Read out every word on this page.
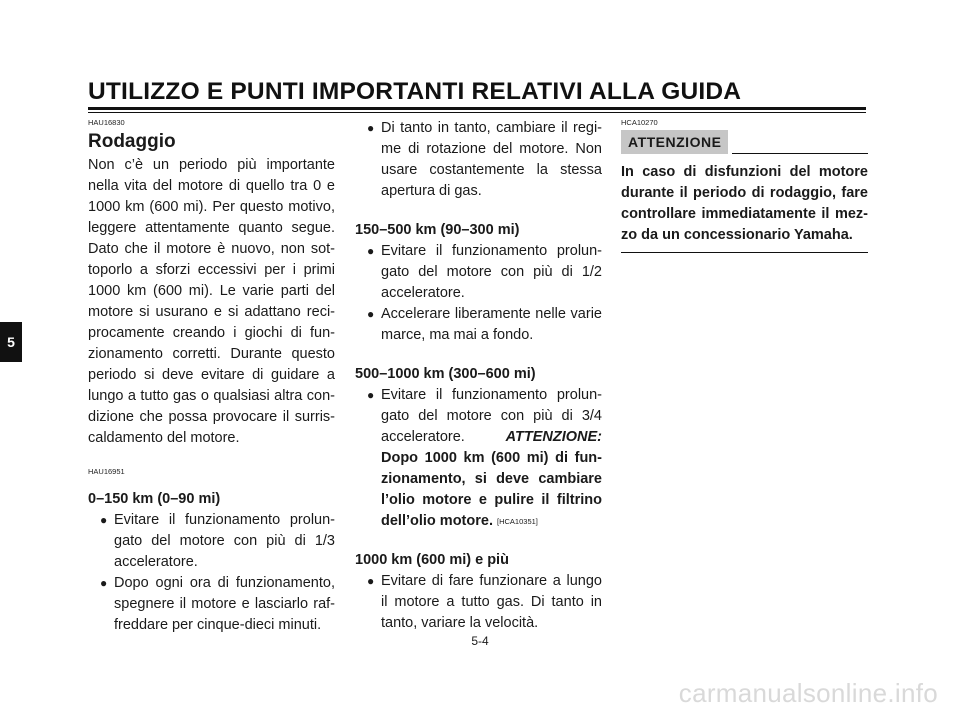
UTILIZZO E PUNTI IMPORTANTI RELATIVI ALLA GUIDA
5

HAU16830

Rodaggio

Non c’è un periodo più importante nella vita del motore di quello tra 0 e 1000 km (600 mi). Per questo motivo, leggere attentamente quanto segue. Dato che il motore è nuovo, non sot-toporlo a sforzi eccessivi per i primi 1000 km (600 mi). Le varie parti del motore si usurano e si adattano reci-procamente creando i giochi di fun-zionamento corretti. Durante questo periodo si deve evitare di guidare a lungo a tutto gas o qualsiasi altra con-dizione che possa provocare il surris-caldamento del motore.

HAU16951

0–150 km (0–90 mi)
● Evitare il funzionamento prolun-gato del motore con più di 1/3 acceleratore.
● Dopo ogni ora di funzionamento, spegnere il motore e lasciarlo raf-freddare per cinque-dieci minuti.
● Di tanto in tanto, cambiare il regi-me di rotazione del motore. Non usare costantemente la stessa apertura di gas.
150–500 km (90–300 mi)
● Evitare il funzionamento prolun-gato del motore con più di 1/2 acceleratore.
● Accelerare liberamente nelle varie marce, ma mai a fondo.
500–1000 km (300–600 mi)
● Evitare il funzionamento prolun-gato del motore con più di 3/4 acceleratore.	ATTENZIONE: Dopo 1000 km (600 mi) di fun-zionamento, si deve cambiare l’olio motore e pulire il filtrino dell’olio motore. [HCA10351]
1000 km (600 mi) e più
● Evitare di fare funzionare a lungo il motore a tutto gas. Di tanto in tanto, variare la velocità.

HCA10270

ATTENZIONE

In caso di disfunzioni del motore durante il periodo di rodaggio, fare controllare immediatamente il mez-zo da un concessionario Yamaha.

5-4
carmanualsonline.info
